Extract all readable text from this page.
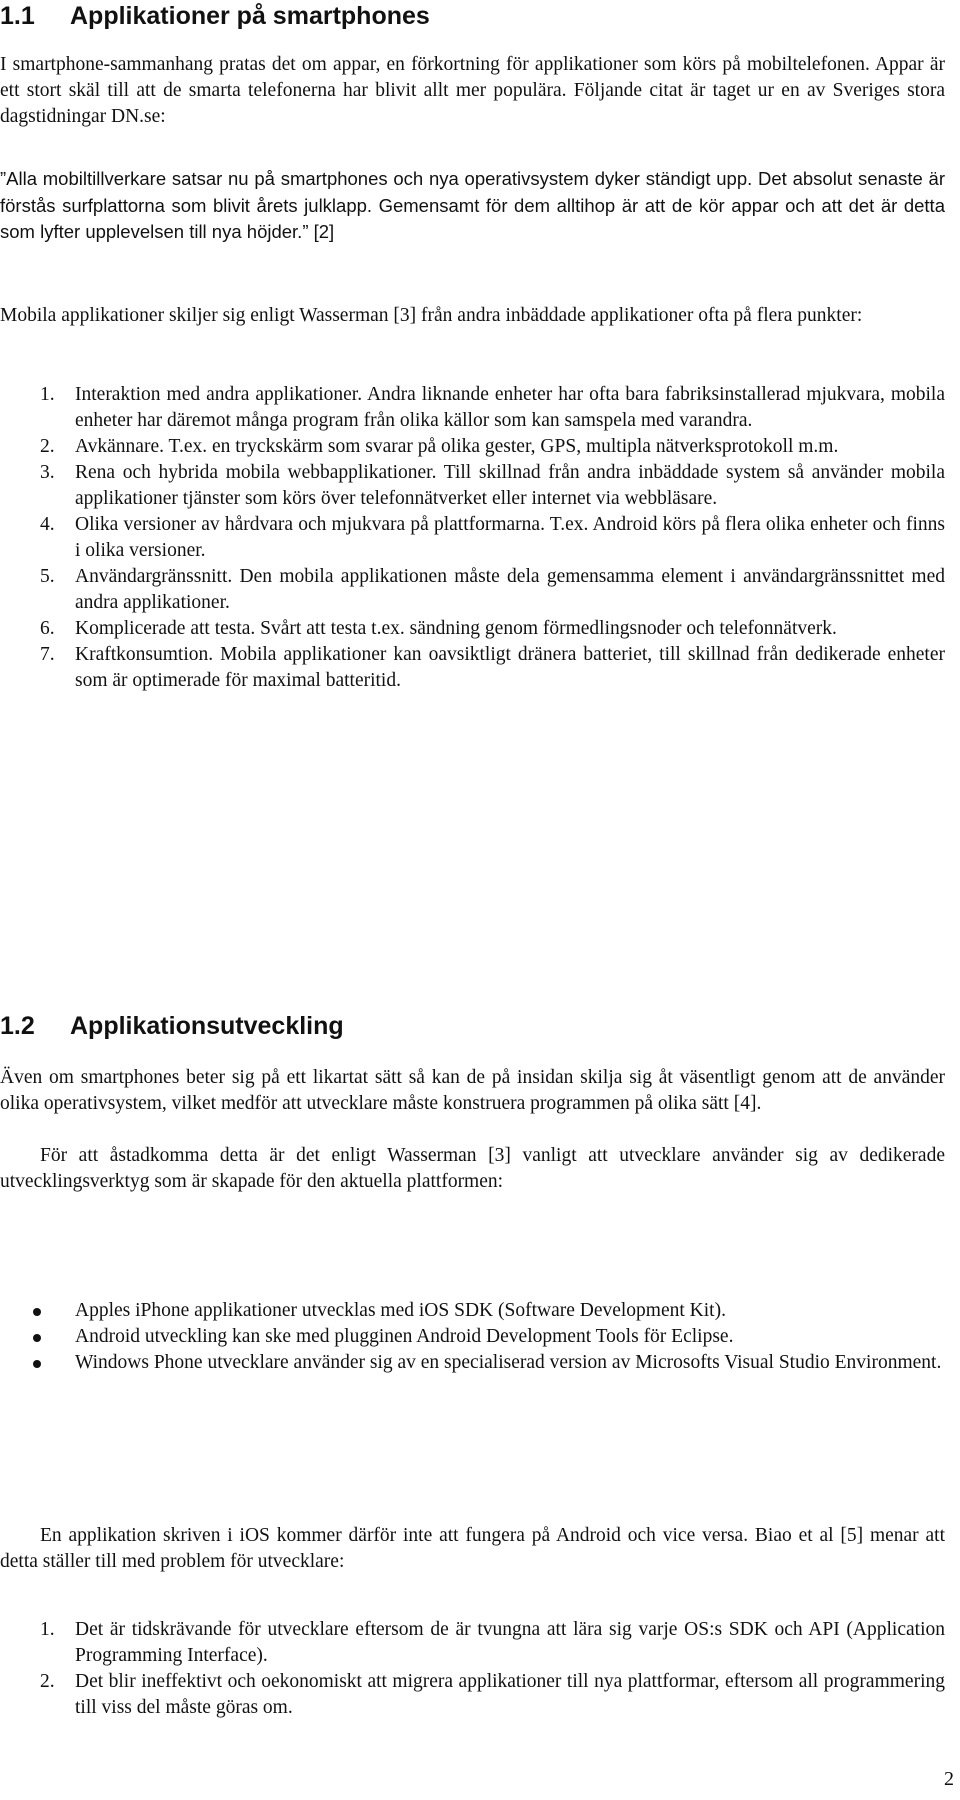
1.1 Applikationer på smartphones

I smartphone-sammanhang pratas det om appar, en förkortning för applikationer som körs på mobiltelefonen. Appar är ett stort skäl till att de smarta telefonerna har blivit allt mer populära. Följande citat är taget ur en av Sveriges stora dagstidningar DN.se:

”Alla mobiltillverkare satsar nu på smartphones och nya operativsystem dyker ständigt upp. Det absolut senaste är förstås surfplattorna som blivit årets julklapp. Gemensamt för dem alltihop är att de kör appar och att det är detta som lyfter upplevelsen till nya höjder.” [2]

Mobila applikationer skiljer sig enligt Wasserman [3] från andra inbäddade applikationer ofta på flera punkter:

1. Interaktion med andra applikationer. Andra liknande enheter har ofta bara fabriksinstallerad mjukvara, mobila enheter har däremot många program från olika källor som kan samspela med varandra.
2. Avkännare. T.ex. en tryckskärm som svarar på olika gester, GPS, multipla nätverksprotokoll m.m.
3. Rena och hybrida mobila webbapplikationer. Till skillnad från andra inbäddade system så använder mobila applikationer tjänster som körs över telefonnätverket eller internet via webbläsare.
4. Olika versioner av hårdvara och mjukvara på plattformarna. T.ex. Android körs på flera olika enheter och finns i olika versioner.
5. Användargränssnitt. Den mobila applikationen måste dela gemensamma element i användargränssnittet med andra applikationer.
6. Komplicerade att testa. Svårt att testa t.ex. sändning genom förmedlingsnoder och telefonnätverk.
7. Kraftkonsumtion. Mobila applikationer kan oavsiktligt dränera batteriet, till skillnad från dedikerade enheter som är optimerade för maximal batteritid.
1.2 Applikationsutveckling

Även om smartphones beter sig på ett likartat sätt så kan de på insidan skilja sig åt väsentligt genom att de använder olika operativsystem, vilket medför att utvecklare måste konstruera programmen på olika sätt [4].

För att åstadkomma detta är det enligt Wasserman [3] vanligt att utvecklare använder sig av dedikerade utvecklingsverktyg som är skapade för den aktuella plattformen:

Apples iPhone applikationer utvecklas med iOS SDK (Software Development Kit).
Android utveckling kan ske med plugginen Android Development Tools för Eclipse.
Windows Phone utvecklare använder sig av en specialiserad version av Microsofts Visual Studio Environment.

En applikation skriven i iOS kommer därför inte att fungera på Android och vice versa. Biao et al [5] menar att detta ställer till med problem för utvecklare:

1. Det är tidskrävande för utvecklare eftersom de är tvungna att lära sig varje OS:s SDK och API (Application Programming Interface).
2. Det blir ineffektivt och oekonomiskt att migrera applikationer till nya plattformar, eftersom all programmering till viss del måste göras om.

2
